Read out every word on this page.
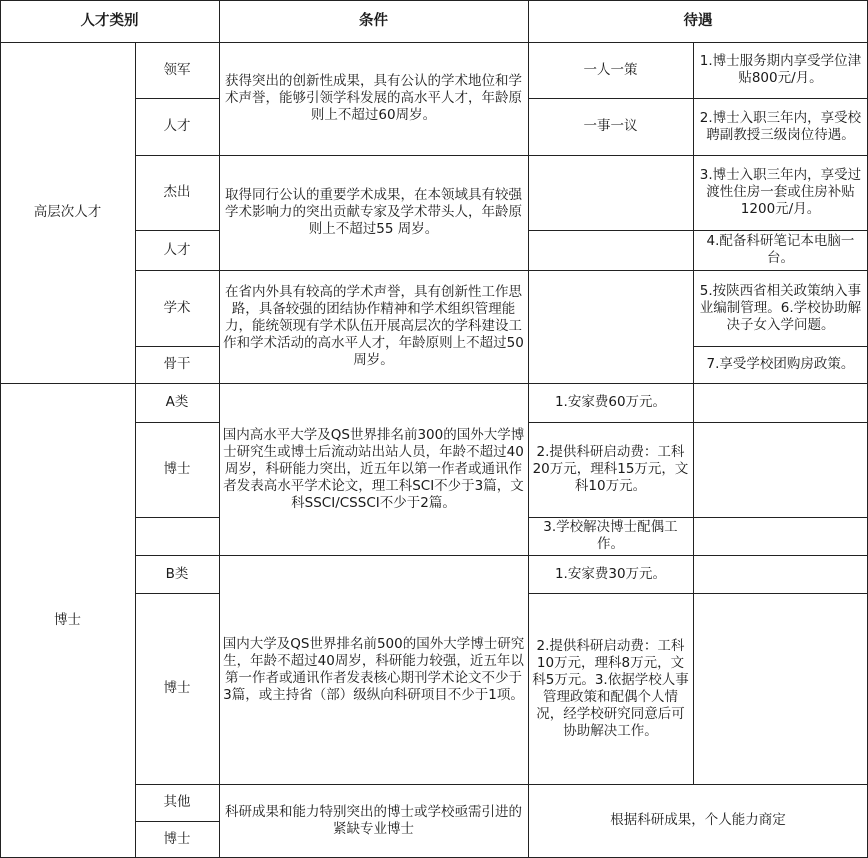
人才类别	条件	待遇
高层次人才
领军
人才
杰出
人才
学术
骨干
获得突出的创新性成果，具有公认的学术地位和学术声誉，能够引领学科发展的高水平人才，年龄原则上不超过60周岁。
取得同行公认的重要学术成果，在本领域具有较强学术影响力的突出贡献专家及学术带头人，年龄原则上不超过55 周岁。
在省内外具有较高的学术声誉，具有创新性工作思路，具备较强的团结协作精神和学术组织管理能力，能统领现有学术队伍开展高层次的学科建设工作和学术活动的高水平人才，年龄原则上不超过50周岁。
一人一策
一事一议
1.博士服务期内享受学位津贴800元/月。
2.博士入职三年内，享受校聘副教授三级岗位待遇。
3.博士入职三年内，享受过渡性住房一套或住房补贴1200元/月。
4.配备科研笔记本电脑一台。
5.按陕西省相关政策纳入事业编制管理。6.学校协助解决子女入学问题。
7.享受学校团购房政策。
博士
A类
博士
B类
博士
其他
博士
国内高水平大学及QS世界排名前300的国外大学博士研究生或博士后流动站出站人员，年龄不超过40周岁，科研能力突出，近五年以第一作者或通讯作者发表高水平学术论文，理工科SCI不少于3篇，文科SSCI/CSSCI不少于2篇。
国内大学及QS世界排名前500的国外大学博士研究生，年龄不超过40周岁，科研能力较强，近五年以第一作者或通讯作者发表核心期刊学术论文不少于3篇，或主持省（部）级纵向科研项目不少于1项。
科研成果和能力特别突出的博士或学校亟需引进的紧缺专业博士
1.安家费60万元。
2.提供科研启动费：工科20万元，理科15万元，文科10万元。
3.学校解决博士配偶工作。
1.安家费30万元。
2.提供科研启动费：工科10万元，理科8万元，文科5万元。3.依据学校人事管理政策和配偶个人情况，经学校研究同意后可协助解决工作。
根据科研成果，个人能力商定
